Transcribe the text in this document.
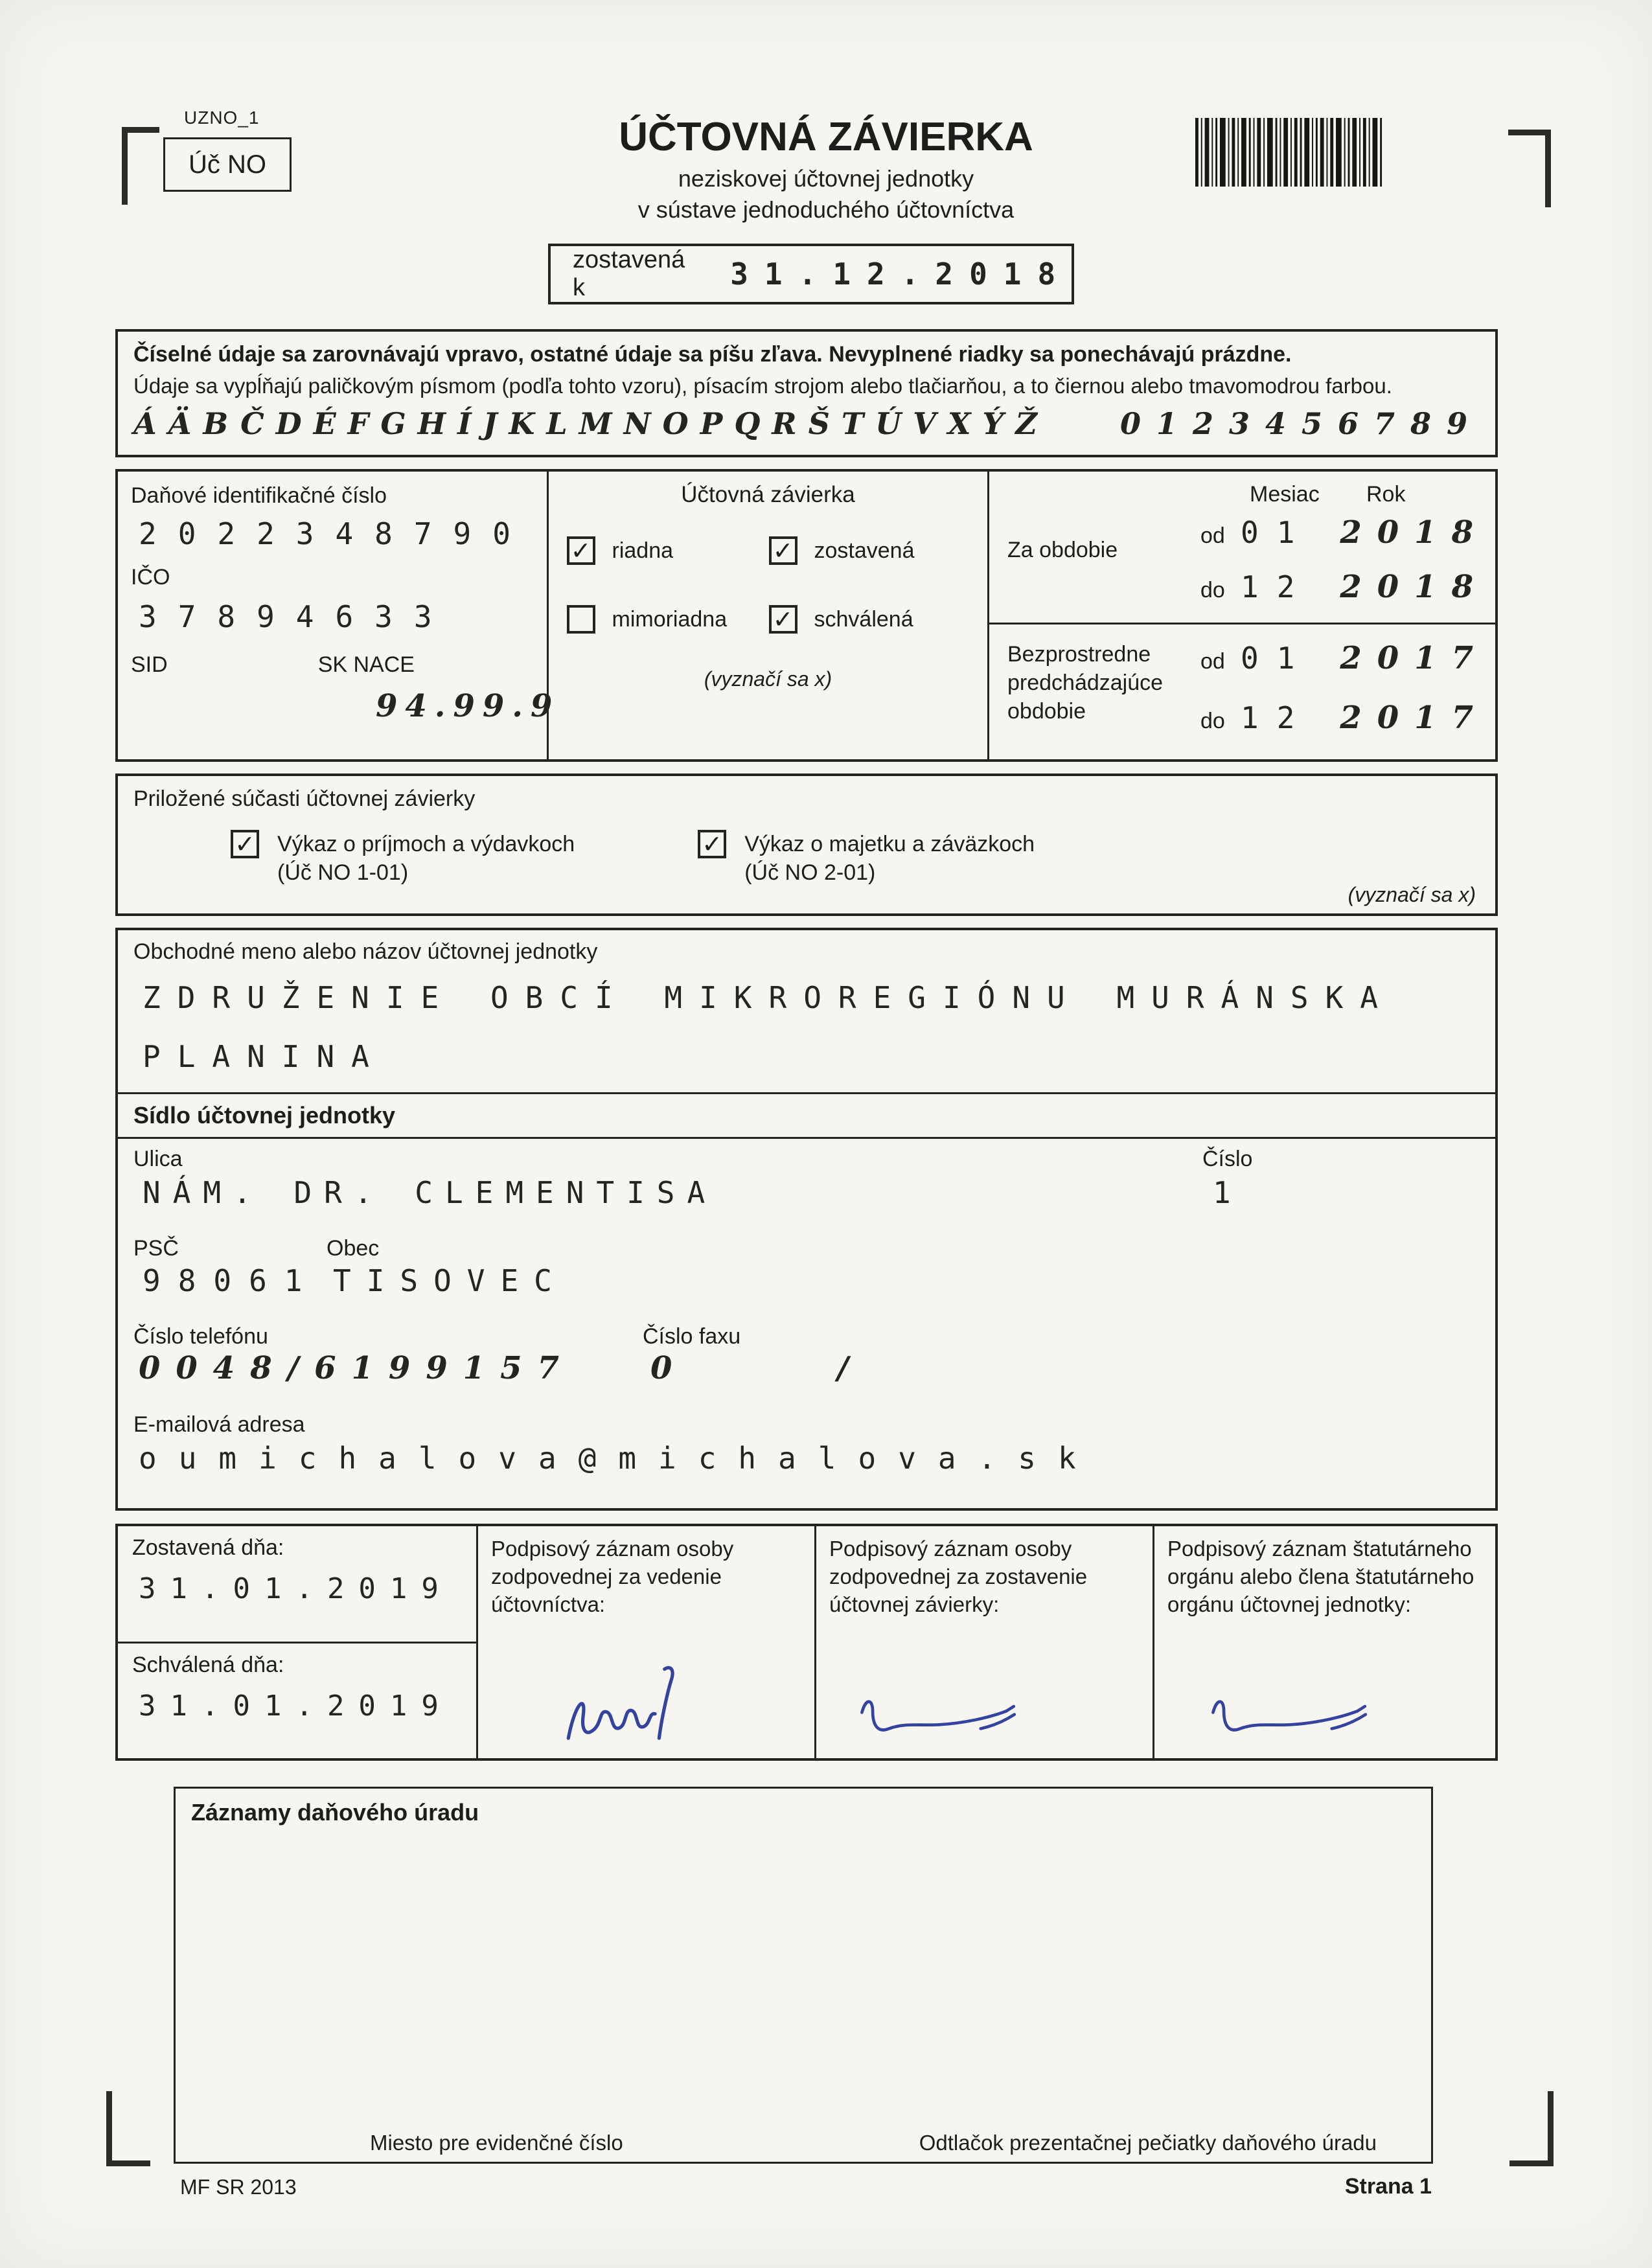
UZNO_1
Úč NO
ÚČTOVNÁ ZÁVIERKA
neziskovej účtovnej jednotky
v sústave jednoduchého účtovníctva
zostavená k	31.12.2018
Číselné údaje sa zarovnávajú vpravo, ostatné údaje sa píšu zľava. Nevyplnené riadky sa ponechávajú prázdne.
Údaje sa vypĺňajú paličkovým písmom (podľa tohto vzoru), písacím strojom alebo tlačiarňou, a to čiernou alebo tmavomodrou farbou.
ÁÄBČDÉFGHÍJKLMNOPQRŠTÚVXÝŽ 0123456789
Daňové identifikačné číslo
2022348790
IČO
37894633
SID	SK NACE
94.99.9
Účtovná závierka
✓ riadna	✓ zostavená
mimoriadna ✓ schválená
(vyznačí sa x)
Mesiac Rok
Za obdobie
od 01 2018
do 12 2018
Bezprostredne predchádzajúce obdobie
od 01 2017
do 12 2017
Priložené súčasti účtovnej závierky
✓ Výkaz o príjmoch a výdavkoch
(Úč NO 1-01)
✓ Výkaz o majetku a záväzkoch
(Úč NO 2-01)
(vyznačí sa x)
Obchodné meno alebo názov účtovnej jednotky
ZDRUŽENIE OBCÍ MIKROREGIÓNU MURÁNSKA
PLANINA
Sídlo účtovnej jednotky
Ulica	Číslo
NÁM. DR. CLEMENTISA	1
PSČ	Obec
98061 TISOVEC
Číslo telefónu	Číslo faxu
0048/6199157 0 /
E-mailová adresa
oumichalova@michalova.sk
Zostavená dňa:
31.01.2019
Schválená dňa:
31.01.2019
Podpisový záznam osoby zodpovednej za vedenie účtovníctva:
Podpisový záznam osoby zodpovednej za zostavenie účtovnej závierky:
Podpisový záznam štatutárneho orgánu alebo člena štatutárneho orgánu účtovnej jednotky:
Záznamy daňového úradu
Miesto pre evidenčné číslo	Odtlačok prezentačnej pečiatky daňového úradu
MF SR 2013	Strana 1
